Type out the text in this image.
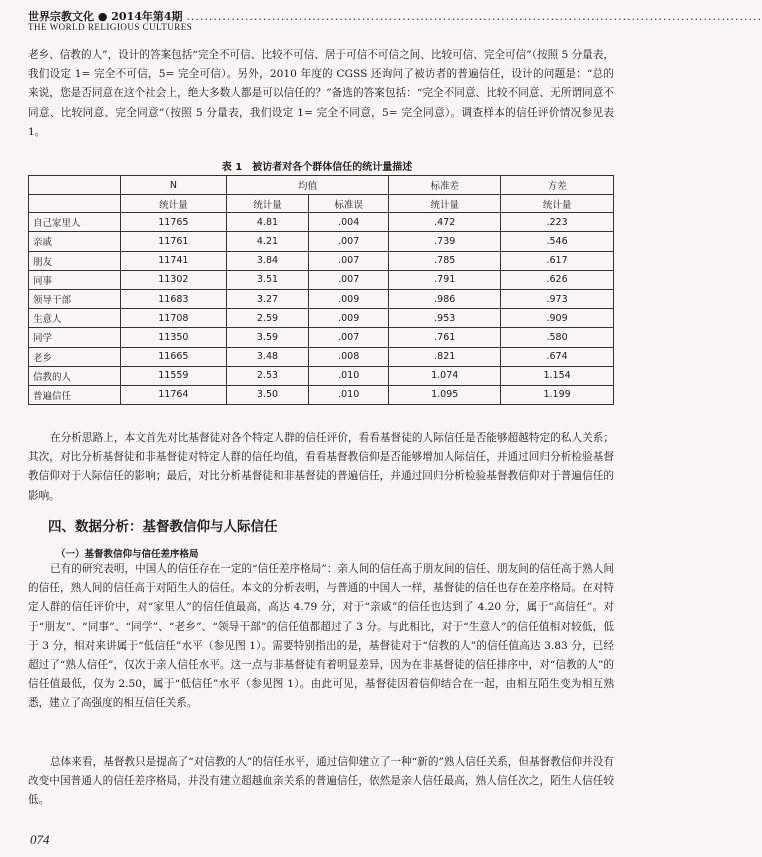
世界宗教文化 ● 2014年第4期 ................................................................................................................................
THE WORLD RELIGIOUS CULTURES
老乡、信教的人”，设计的答案包括“完全不可信、比较不可信、居于可信不可信之间、比较可信、完全可信”（按照 5 分量表，我们设定 1= 完全不可信，5= 完全可信）。另外，2010 年度的 CGSS 还询问了被访者的普遍信任，设计的问题是：“总的来说，您是否同意在这个社会上，绝大多数人都是可以信任的？”备选的答案包括：“完全不同意、比较不同意、无所谓同意不同意、比较同意、完全同意”（按照 5 分量表，我们设定 1= 完全不同意，5= 完全同意）。调查样本的信任评价情况参见表 1。
表 1　被访者对各个群体信任的统计量描述
	N	均值		标准差	方差
	统计量	统计量	标准误	统计量	统计量
自己家里人	11765	4.81	.004	.472	.223
亲戚	11761	4.21	.007	.739	.546
朋友	11741	3.84	.007	.785	.617
同事	11302	3.51	.007	.791	.626
领导干部	11683	3.27	.009	.986	.973
生意人	11708	2.59	.009	.953	.909
同学	11350	3.59	.007	.761	.580
老乡	11665	3.48	.008	.821	.674
信教的人	11559	2.53	.010	1.074	1.154
普遍信任	11764	3.50	.010	1.095	1.199
在分析思路上，本文首先对比基督徒对各个特定人群的信任评价，看看基督徒的人际信任是否能够超越特定的私人关系；其次，对比分析基督徒和非基督徒对特定人群的信任均值，看看基督教信仰是否能够增加人际信任，并通过回归分析检验基督教信仰对于人际信任的影响；最后，对比分析基督徒和非基督徒的普遍信任，并通过回归分析检验基督教信仰对于普遍信任的影响。
四、数据分析：基督教信仰与人际信任
（一）基督教信仰与信任差序格局
已有的研究表明，中国人的信任存在一定的“信任差序格局”：亲人间的信任高于朋友间的信任、朋友间的信任高于熟人间的信任，熟人间的信任高于对陌生人的信任。本文的分析表明，与普通的中国人一样，基督徒的信任也存在差序格局。在对特定人群的信任评价中，对“家里人”的信任值最高，高达 4.79 分，对于“亲戚”的信任也达到了 4.20 分，属于“高信任”。对于“朋友”、“同事”、“同学”、“老乡”、“领导干部”的信任值都超过了 3 分。与此相比，对于“生意人”的信任值相对较低，低于 3 分，相对来讲属于“低信任”水平（参见图 1）。需要特别指出的是，基督徒对于“信教的人”的信任值高达 3.83 分，已经超过了“熟人信任”，仅次于亲人信任水平。这一点与非基督徒有着明显差异，因为在非基督徒的信任排序中，对“信教的人”的信任值最低，仅为 2.50，属于“低信任”水平（参见图 1）。由此可见，基督徒因着信仰结合在一起，由相互陌生变为相互熟悉，建立了高强度的相互信任关系。
总体来看，基督教只是提高了“对信教的人”的信任水平，通过信仰建立了一种“新的”熟人信任关系，但基督教信仰并没有改变中国普通人的信任差序格局，并没有建立超越血亲关系的普遍信任，依然是亲人信任最高，熟人信任次之，陌生人信任较低。
074
